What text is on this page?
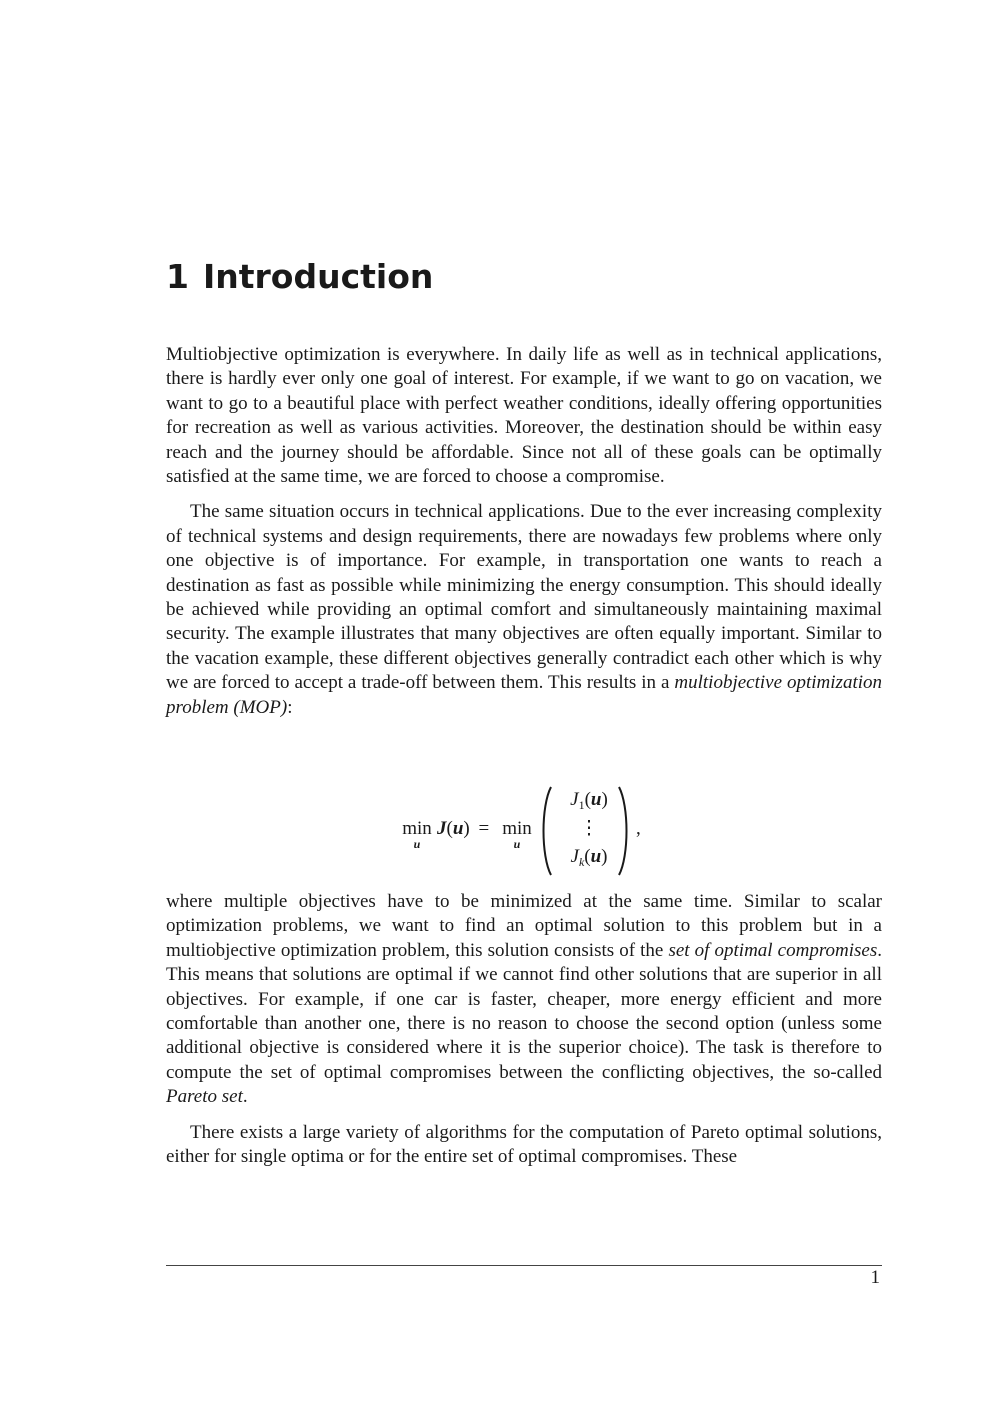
1 Introduction

Multiobjective optimization is everywhere. In daily life as well as in technical applications, there is hardly ever only one goal of interest. For example, if we want to go on vacation, we want to go to a beautiful place with perfect weather conditions, ideally offering opportunities for recreation as well as various activities. Moreover, the destination should be within easy reach and the journey should be affordable. Since not all of these goals can be optimally satisfied at the same time, we are forced to choose a compromise.

The same situation occurs in technical applications. Due to the ever increasing complexity of technical systems and design requirements, there are nowadays few problems where only one objective is of importance. For example, in transportation one wants to reach a destination as fast as possible while minimizing the energy consumption. This should ideally be achieved while providing an optimal comfort and simultaneously maintaining maximal security. The example illustrates that many objectives are often equally important. Similar to the vacation example, these different objectives generally contradict each other which is why we are forced to accept a trade-off between them. This results in a multiobjective optimization problem (MOP):

min
u
J(u) = min
u
$J_1(u)$
⋮
$J_k(u)$
,

where multiple objectives have to be minimized at the same time. Similar to scalar optimization problems, we want to find an optimal solution to this problem but in a multiobjective optimization problem, this solution consists of the set of optimal compromises. This means that solutions are optimal if we cannot find other solutions that are superior in all objectives. For example, if one car is faster, cheaper, more energy efficient and more comfortable than another one, there is no reason to choose the second option (unless some additional objective is considered where it is the superior choice). The task is therefore to compute the set of optimal compromises between the conflicting objectives, the so-called Pareto set.

There exists a large variety of algorithms for the computation of Pareto optimal solutions, either for single optima or for the entire set of optimal compromises. These

1
